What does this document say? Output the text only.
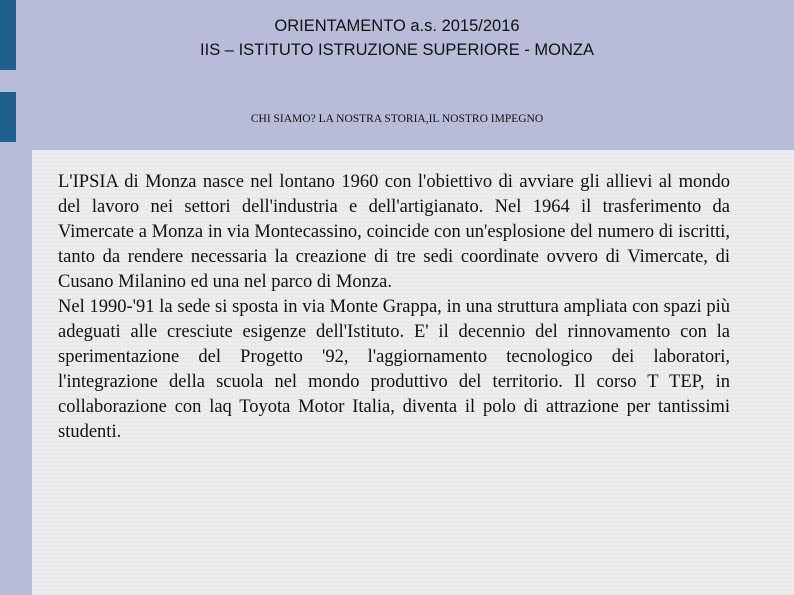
ORIENTAMENTO a.s. 2015/2016
IIS – ISTITUTO ISTRUZIONE SUPERIORE - MONZA
CHI SIAMO? LA NOSTRA STORIA,IL NOSTRO IMPEGNO

L'IPSIA di Monza nasce nel lontano 1960 con l'obiettivo di avviare gli allievi al mondo del lavoro nei settori dell'industria e dell'artigianato. Nel 1964 il trasferimento da Vimercate a Monza in via Montecassino, coincide con un'esplosione del numero di iscritti, tanto da rendere necessaria la creazione di tre sedi coordinate ovvero di Vimercate, di Cusano Milanino ed una nel parco di Monza.

Nel 1990-'91 la sede si sposta in via Monte Grappa, in una struttura ampliata con spazi più adeguati alle cresciute esigenze dell'Istituto. E' il decennio del rinnovamento con la sperimentazione del Progetto '92, l'aggiornamento tecnologico dei laboratori, l'integrazione della scuola nel mondo produttivo del territorio. Il corso T TEP, in collaborazione con laq Toyota Motor Italia, diventa il polo di attrazione per tantissimi studenti.
